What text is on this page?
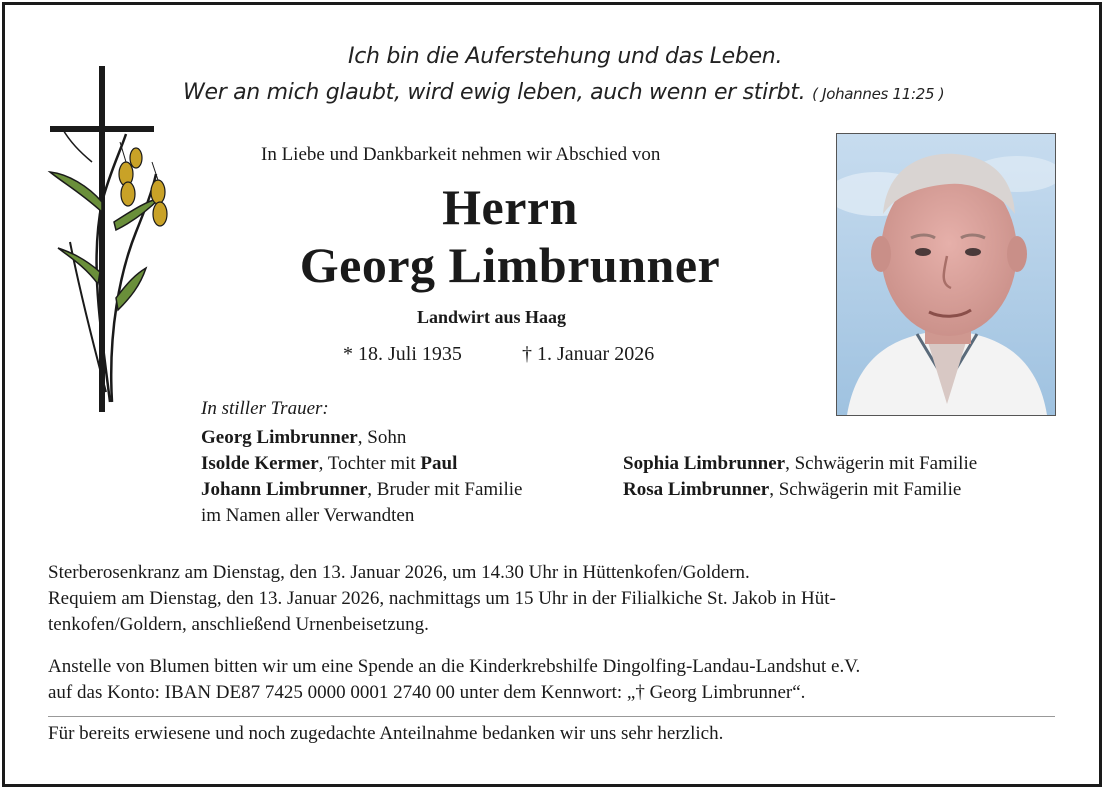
Ich bin die Auferstehung und das Leben.
Wer an mich glaubt, wird ewig leben, auch wenn er stirbt. ( Johannes 11:25 )
In Liebe und Dankbarkeit nehmen wir Abschied von
Herrn
Georg Limbrunner
Landwirt aus Haag
* 18. Juli 1935	† 1. Januar 2026
In stiller Trauer:
Georg Limbrunner, Sohn
Isolde Kermer, Tochter mit Paul
Johann Limbrunner, Bruder mit Familie
im Namen aller Verwandten
Sophia Limbrunner, Schwägerin mit Familie
Rosa Limbrunner, Schwägerin mit Familie
Sterberosenkranz am Dienstag, den 13. Januar 2026, um 14.30 Uhr in Hüttenkofen/Goldern.
Requiem am Dienstag, den 13. Januar 2026, nachmittags um 15 Uhr in der Filialkiche St. Jakob in Hüt-
tenkofen/Goldern, anschließend Urnenbeisetzung.
Anstelle von Blumen bitten wir um eine Spende an die Kinderkrebshilfe Dingolfing-Landau-Landshut e.V.
auf das Konto: IBAN DE87 7425 0000 0001 2740 00 unter dem Kennwort: „† Georg Limbrunner“.
Für bereits erwiesene und noch zugedachte Anteilnahme bedanken wir uns sehr herzlich.
